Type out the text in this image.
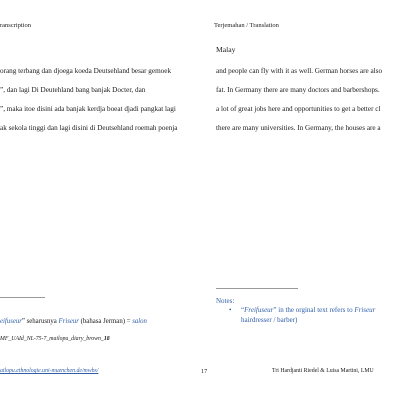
ranscription	Terjemahan / Translation
Malay
orang terbang dan djoega koeda Deutsehland besar gemoek
”, dan lagi Di Deutehland bang banjak Docter, dan
”, maka itoe disini ada banjak kerdja boeat djadi pangkat lagi
ak sekola tinggi dan lagi disini di Deutsehland roemah poenja
and people can fly with it as well. German horses are also
fat. In Germany there are many doctors and barbershops.
a lot of great jobs here and opportunities to get a better cl
there are many universities. In Germany, the houses are a
eifuseur” seharusnya Friseur (bahasa Jerman) = salon
MF_UAId_NL-75-7_mailopu_diary_brown_18
Notes:
• “Freifuseur” in the orginal text refers to Friseur
hairdresser / barber)
ailopu.ethnologie.uni-muenchen.de/mwbs/	17	Tri Hardjanti Riedel & Luisa Martini, LMU
